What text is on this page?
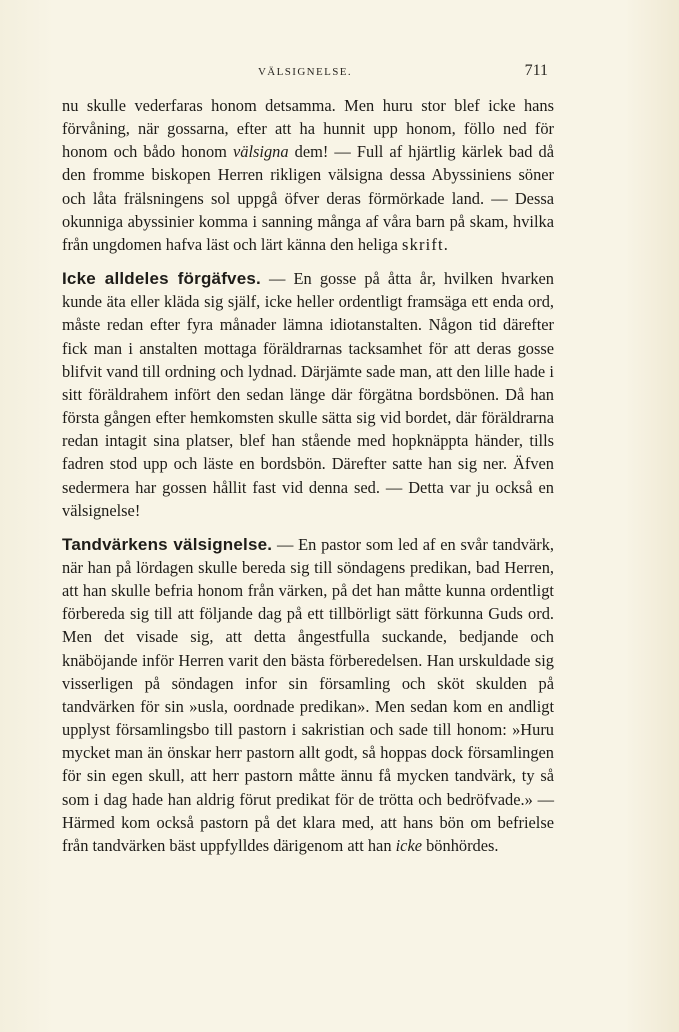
VÄLSIGNELSE.	711

nu skulle vederfaras honom detsamma. Men huru stor blef icke hans förvåning, när gossarna, efter att ha hunnit upp honom, föllo ned för honom och bådo honom välsigna dem! — Full af hjärtlig kärlek bad då den fromme biskopen Herren rikligen välsigna dessa Abyssiniens söner och låta frälsningens sol uppgå öfver deras förmörkade land. — Dessa okunniga abyssinier komma i sanning många af våra barn på skam, hvilka från ungdomen hafva läst och lärt känna den heliga skrift.

Icke alldeles förgäfves. — En gosse på åtta år, hvilken hvarken kunde äta eller kläda sig själf, icke heller ordentligt framsäga ett enda ord, måste redan efter fyra månader lämna idiotanstalten. Någon tid därefter fick man i anstalten mottaga föräldrarnas tacksamhet för att deras gosse blifvit vand till ordning och lydnad. Därjämte sade man, att den lille hade i sitt föräldrahem infört den sedan länge där förgätna bordsbönen. Då han första gången efter hemkomsten skulle sätta sig vid bordet, där föräldrarna redan intagit sina platser, blef han stående med hopknäppta händer, tills fadren stod upp och läste en bordsbön. Därefter satte han sig ner. Äfven sedermera har gossen hållit fast vid denna sed. — Detta var ju också en välsignelse!

Tandvärkens välsignelse. — En pastor som led af en svår tandvärk, när han på lördagen skulle bereda sig till söndagens predikan, bad Herren, att han skulle befria honom från värken, på det han måtte kunna ordentligt förbereda sig till att följande dag på ett tillbörligt sätt förkunna Guds ord. Men det visade sig, att detta ångestfulla suckande, bedjande och knäböjande inför Herren varit den bästa förberedelsen. Han urskuldade sig visserligen på söndagen infor sin församling och sköt skulden på tandvärken för sin »usla, oordnade predikan». Men sedan kom en andligt upplyst församlingsbo till pastorn i sakristian och sade till honom: »Huru mycket man än önskar herr pastorn allt godt, så hoppas dock församlingen för sin egen skull, att herr pastorn måtte ännu få mycken tandvärk, ty så som i dag hade han aldrig förut predikat för de trötta och bedröfvade.» — Härmed kom också pastorn på det klara med, att hans bön om befrielse från tandvärken bäst uppfylldes därigenom att han icke bönhördes.
